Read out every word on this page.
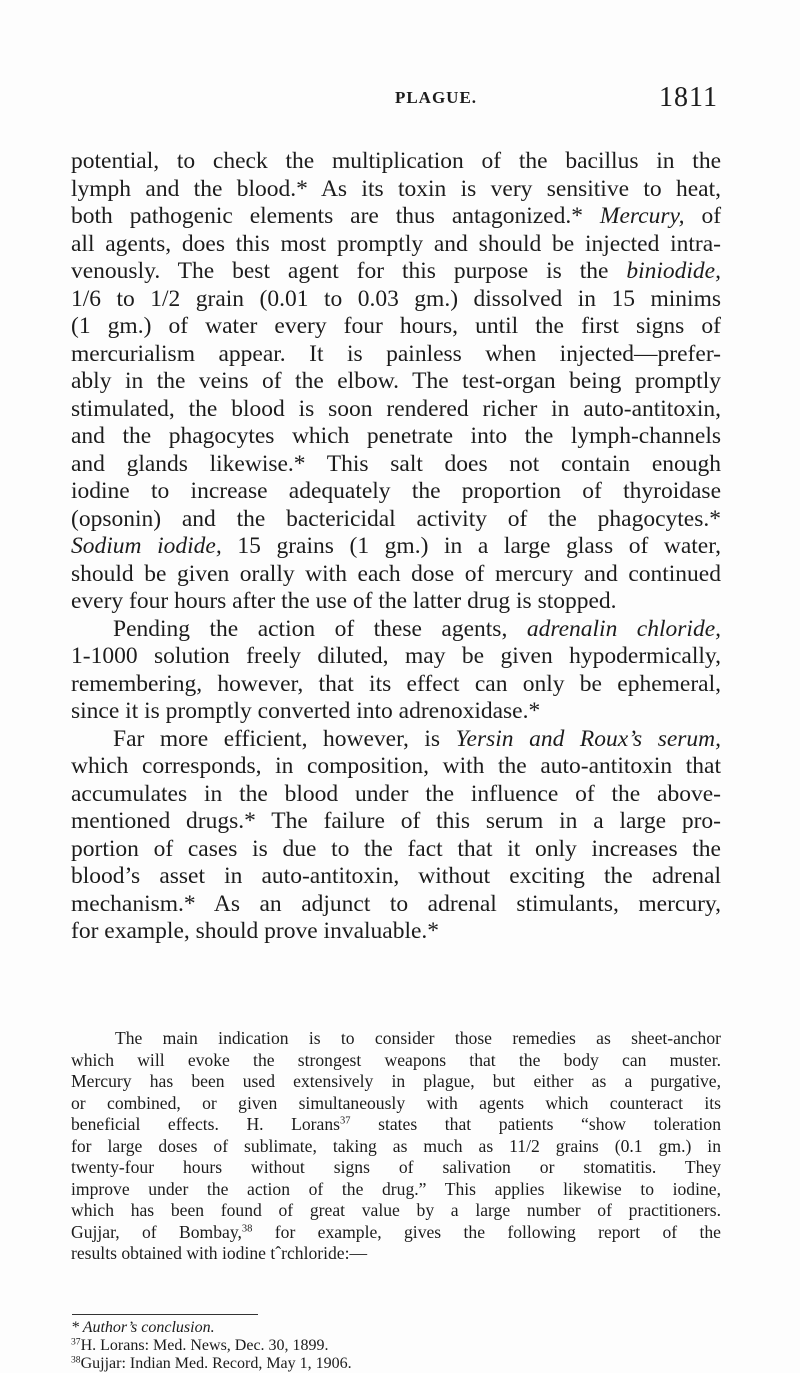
PLAGUE.	1811
potential, to check the multiplication of the bacillus in the
lymph and the blood.* As its toxin is very sensitive to heat,
both pathogenic elements are thus antagonized.* Mercury, of
all agents, does this most promptly and should be injected intra-
venously. The best agent for this purpose is the biniodide,
1/6 to 1/2 grain (0.01 to 0.03 gm.) dissolved in 15 minims
(1 gm.) of water every four hours, until the first signs of
mercurialism appear. It is painless when injected—prefer-
ably in the veins of the elbow. The test-organ being promptly
stimulated, the blood is soon rendered richer in auto-antitoxin,
and the phagocytes which penetrate into the lymph-channels
and glands likewise.* This salt does not contain enough
iodine to increase adequately the proportion of thyroidase
(opsonin) and the bactericidal activity of the phagocytes.*
Sodium iodide, 15 grains (1 gm.) in a large glass of water,
should be given orally with each dose of mercury and continued
every four hours after the use of the latter drug is stopped.
Pending the action of these agents, adrenalin chloride,
1-1000 solution freely diluted, may be given hypodermically,
remembering, however, that its effect can only be ephemeral,
since it is promptly converted into adrenoxidase.*
Far more efficient, however, is Yersin and Roux’s serum,
which corresponds, in composition, with the auto-antitoxin that
accumulates in the blood under the influence of the above-
mentioned drugs.* The failure of this serum in a large pro-
portion of cases is due to the fact that it only increases the
blood’s asset in auto-antitoxin, without exciting the adrenal
mechanism.* As an adjunct to adrenal stimulants, mercury,
for example, should prove invaluable.*
The main indication is to consider those remedies as sheet-anchor
which will evoke the strongest weapons that the body can muster.
Mercury has been used extensively in plague, but either as a purgative,
or combined, or given simultaneously with agents which counteract its
beneficial effects. H. Lorans$^{37}$ states that patients “show toleration
for large doses of sublimate, taking as much as 11/2 grains (0.1 gm.) in
twenty-four hours without signs of salivation or stomatitis. They
improve under the action of the drug.” This applies likewise to iodine,
which has been found of great value by a large number of practitioners.
Gujjar, of Bombay,$^{38}$ for example, gives the following report of the
results obtained with iodine tˆrchloride:—
* Author’s conclusion.
$^{37}$H. Lorans: Med. News, Dec. 30, 1899.
$^{38}$Gujjar: Indian Med. Record, May 1, 1906.
